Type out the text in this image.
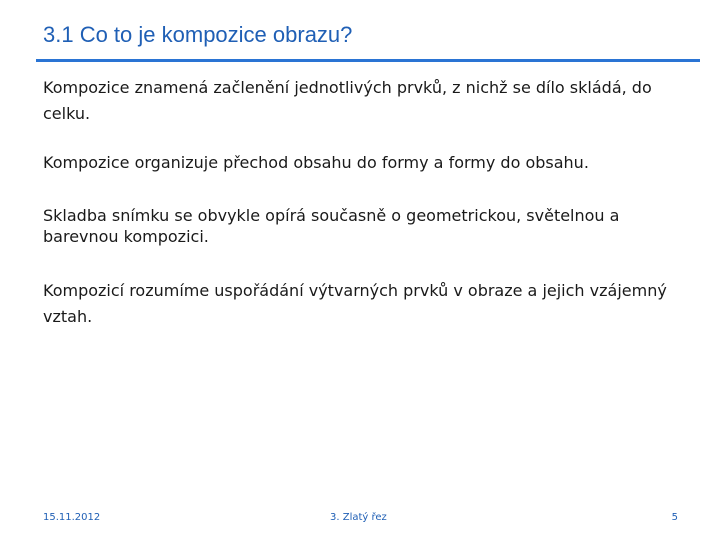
3.1 Co to je kompozice obrazu?

Kompozice znamená začlenění jednotlivých prvků, z nichž se dílo skládá, do celku.

Kompozice organizuje přechod obsahu do formy a formy do obsahu.

Skladba snímku se obvykle opírá současně o geometrickou, světelnou a barevnou kompozici.

Kompozicí rozumíme uspořádání výtvarných prvků v obraze a jejich vzájemný vztah.

15.11.2012	3. Zlatý řez	5
